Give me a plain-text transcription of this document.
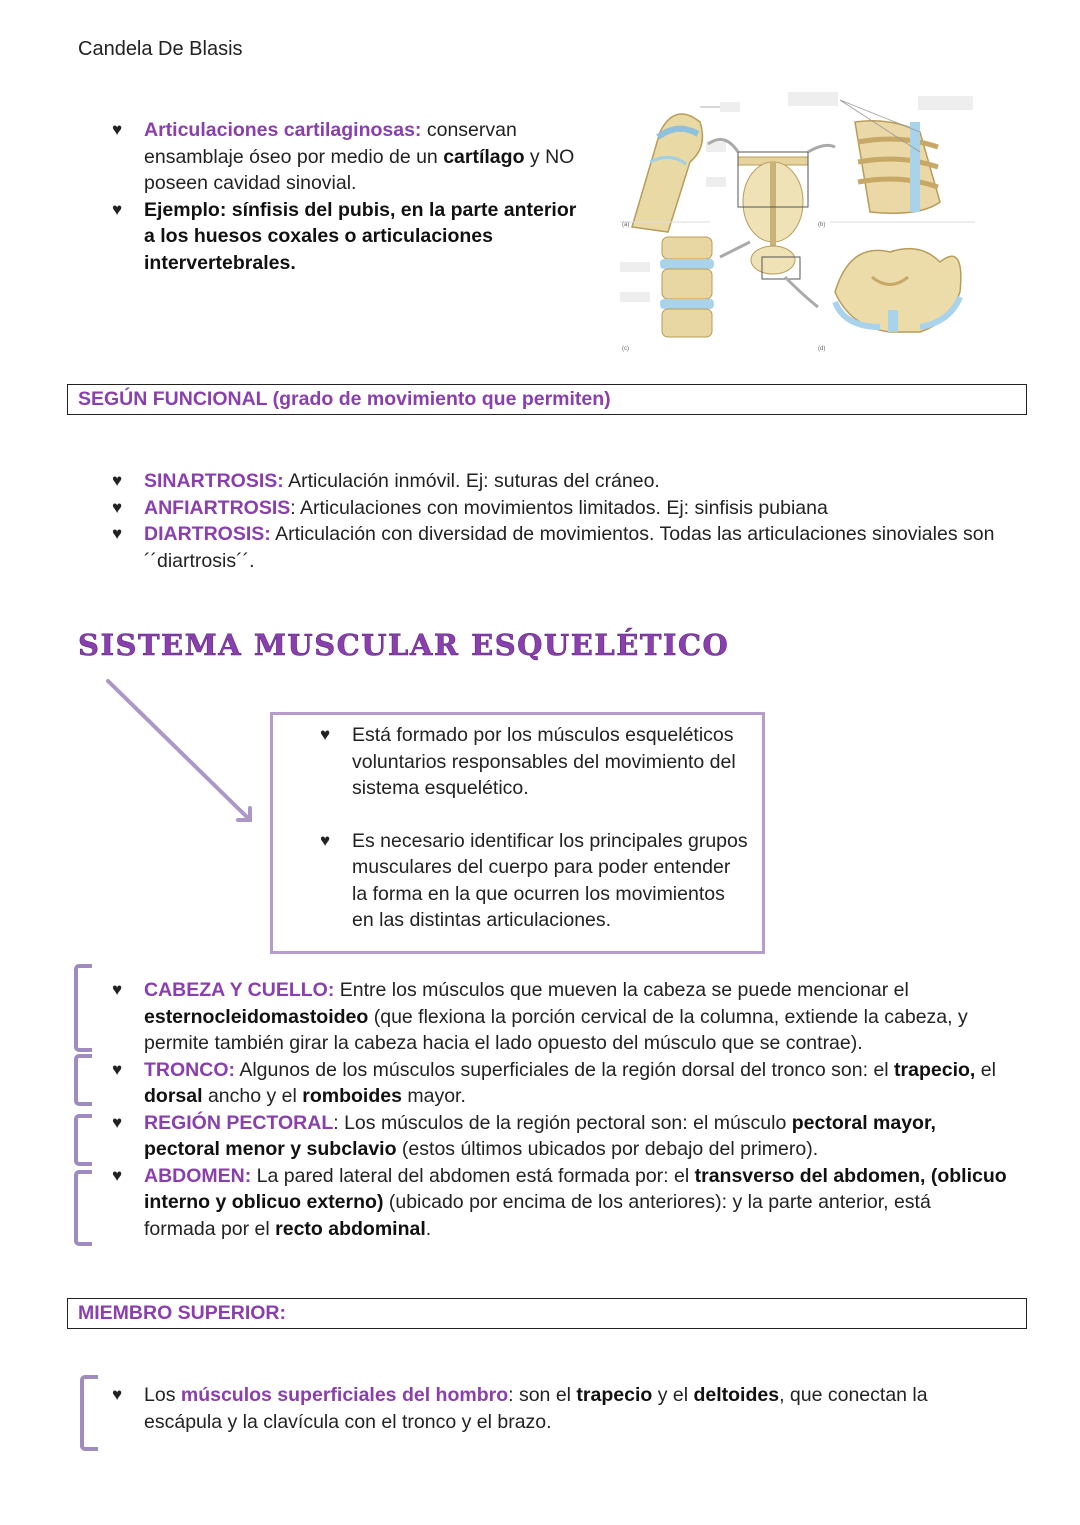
Candela De Blasis
♥ Articulaciones cartilaginosas: conservan ensamblaje óseo por medio de un cartílago y NO poseen cavidad sinovial.
♥ Ejemplo: sínfisis del pubis, en la parte anterior a los huesos coxales o articulaciones intervertebrales.
(a)	(b)
(c)	(d)
SEGÚN FUNCIONAL (grado de movimiento que permiten)
♥ SINARTROSIS: Articulación inmóvil. Ej: suturas del cráneo.
♥ ANFIARTROSIS: Articulaciones con movimientos limitados. Ej: sinfisis pubiana
♥ DIARTROSIS: Articulación con diversidad de movimientos. Todas las articulaciones sinoviales son ´´diartrosis´´.
SISTEMA MUSCULAR ESQUELÉTICO
♥ Está formado por los músculos esqueléticos voluntarios responsables del movimiento del sistema esquelético.
♥ Es necesario identificar los principales grupos musculares del cuerpo para poder entender la forma en la que ocurren los movimientos en las distintas articulaciones.
♥ CABEZA Y CUELLO: Entre los músculos que mueven la cabeza se puede mencionar el esternocleidomastoideo (que flexiona la porción cervical de la columna, extiende la cabeza, y permite también girar la cabeza hacia el lado opuesto del músculo que se contrae).
♥ TRONCO: Algunos de los músculos superficiales de la región dorsal del tronco son: el trapecio, el dorsal ancho y el romboides mayor.
♥ REGIÓN PECTORAL: Los músculos de la región pectoral son: el músculo pectoral mayor, pectoral menor y subclavio (estos últimos ubicados por debajo del primero).
♥ ABDOMEN: La pared lateral del abdomen está formada por: el transverso del abdomen, (oblicuo interno y oblicuo externo) (ubicado por encima de los anteriores): y la parte anterior, está formada por el recto abdominal.
MIEMBRO SUPERIOR:
♥ Los músculos superficiales del hombro: son el trapecio y el deltoides, que conectan la escápula y la clavícula con el tronco y el brazo.
